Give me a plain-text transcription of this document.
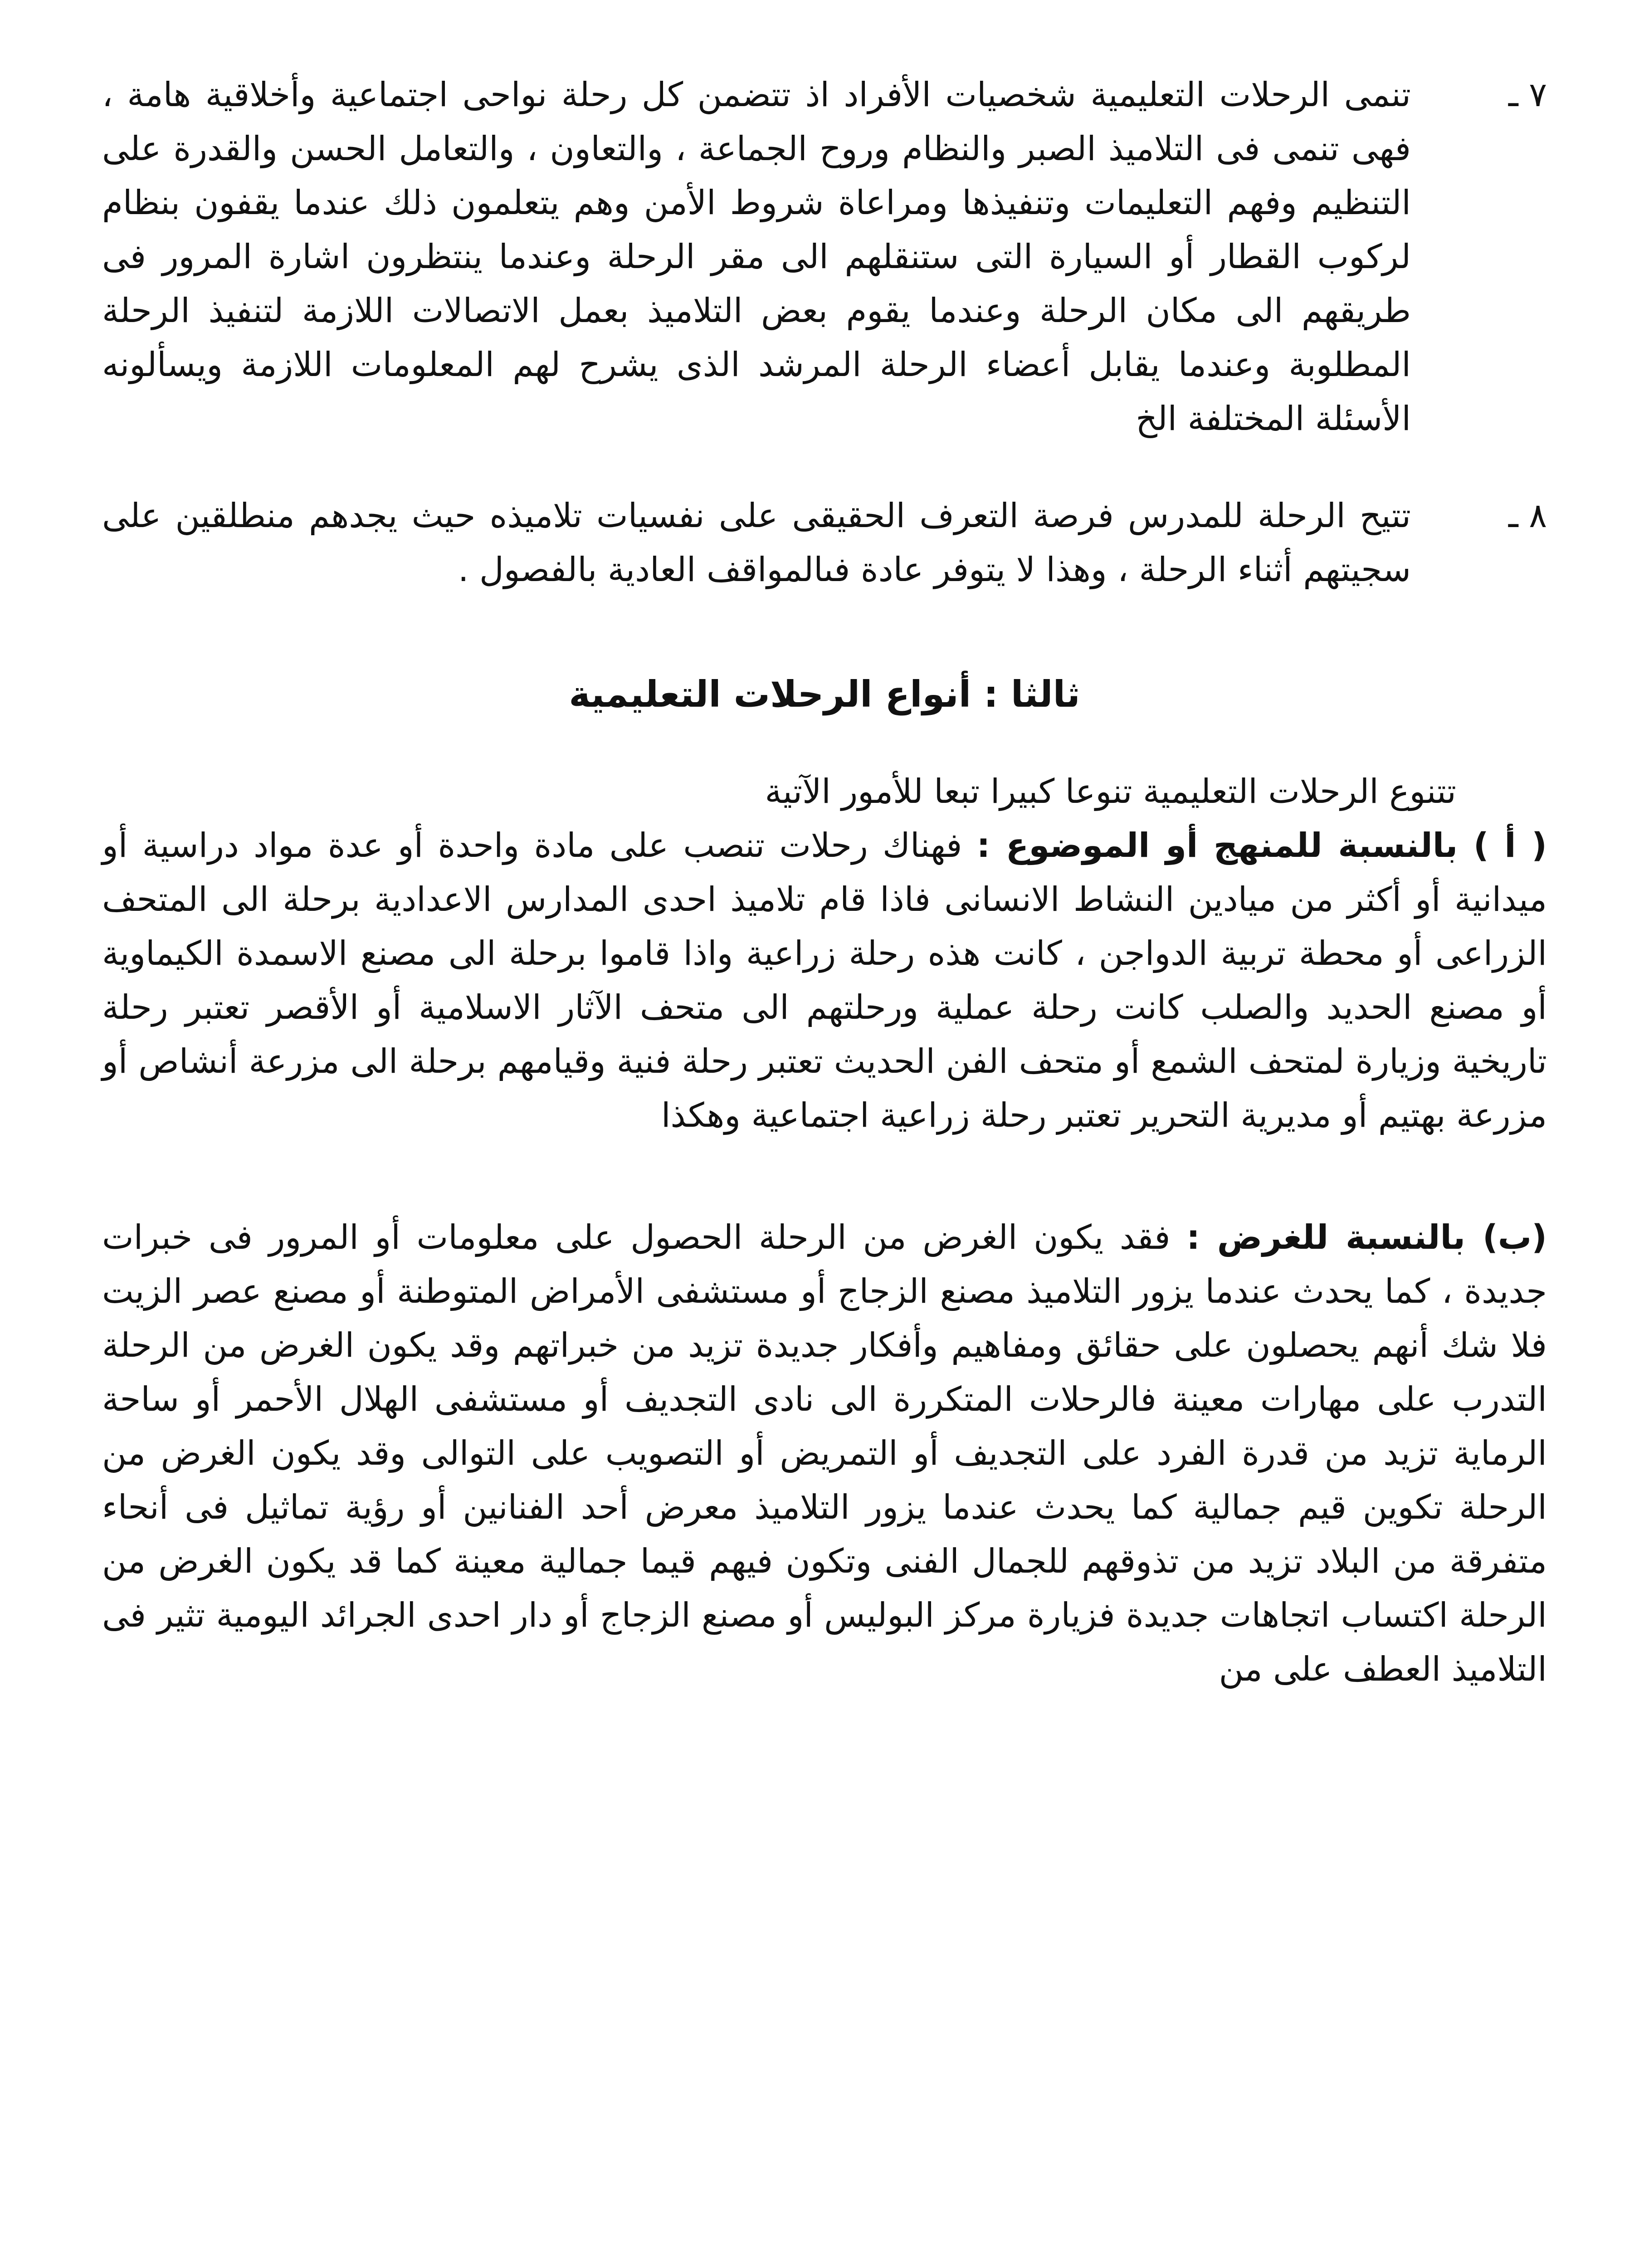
٧ ـ
تنمى الرحلات التعليمية شخصيات الأفراد اذ تتضمن كل رحلة نواحى اجتماعية وأخلاقية هامة ، فهى تنمى فى التلاميذ الصبر والنظام وروح الجماعة ، والتعاون ، والتعامل الحسن والقدرة على التنظيم وفهم التعليمات وتنفيذها ومراعاة شروط الأمن وهم يتعلمون ذلك عندما يقفون بنظام لركوب القطار أو السيارة التى ستنقلهم الى مقر الرحلة وعندما ينتظرون اشارة المرور فى طريقهم الى مكان الرحلة وعندما يقوم بعض التلاميذ بعمل الاتصالات اللازمة لتنفيذ الرحلة المطلوبة وعندما يقابل أعضاء الرحلة المرشد الذى يشرح لهم المعلومات اللازمة ويسألونه الأسئلة المختلفة الخ
٨ ـ
تتيح الرحلة للمدرس فرصة التعرف الحقيقى على نفسيات تلاميذه حيث يجدهم منطلقين على سجيتهم أثناء الرحلة ، وهذا لا يتوفر عادة فىالمواقف العادية بالفصول .
ثالثا : أنواع الرحلات التعليمية

تتنوع الرحلات التعليمية تنوعا كبيرا تبعا للأمور الآتية

( أ ) بالنسبة للمنهج أو الموضوع : فهناك رحلات تنصب على مادة واحدة أو عدة مواد دراسية أو ميدانية أو أكثر من ميادين النشاط الانسانى فاذا قام تلاميذ احدى المدارس الاعدادية برحلة الى المتحف الزراعى أو محطة تربية الدواجن ، كانت هذه رحلة زراعية واذا قاموا برحلة الى مصنع الاسمدة الكيماوية أو مصنع الحديد والصلب كانت رحلة عملية ورحلتهم الى متحف الآثار الاسلامية أو الأقصر تعتبر رحلة تاريخية وزيارة لمتحف الشمع أو متحف الفن الحديث تعتبر رحلة فنية وقيامهم برحلة الى مزرعة أنشاص أو مزرعة بهتيم أو مديرية التحرير تعتبر رحلة زراعية اجتماعية وهكذا

(ب) بالنسبة للغرض : فقد يكون الغرض من الرحلة الحصول على معلومات أو المرور فى خبرات جديدة ، كما يحدث عندما يزور التلاميذ مصنع الزجاج أو مستشفى الأمراض المتوطنة أو مصنع عصر الزيت فلا شك أنهم يحصلون على حقائق ومفاهيم وأفكار جديدة تزيد من خبراتهم وقد يكون الغرض من الرحلة التدرب على مهارات معينة فالرحلات المتكررة الى نادى التجديف أو مستشفى الهلال الأحمر أو ساحة الرماية تزيد من قدرة الفرد على التجديف أو التمريض أو التصويب على التوالى وقد يكون الغرض من الرحلة تكوين قيم جمالية كما يحدث عندما يزور التلاميذ معرض أحد الفنانين أو رؤية تماثيل فى أنحاء متفرقة من البلاد تزيد من تذوقهم للجمال الفنى وتكون فيهم قيما جمالية معينة كما قد يكون الغرض من الرحلة اكتساب اتجاهات جديدة فزيارة مركز البوليس أو مصنع الزجاج أو دار احدى الجرائد اليومية تثير فى التلاميذ العطف على من
